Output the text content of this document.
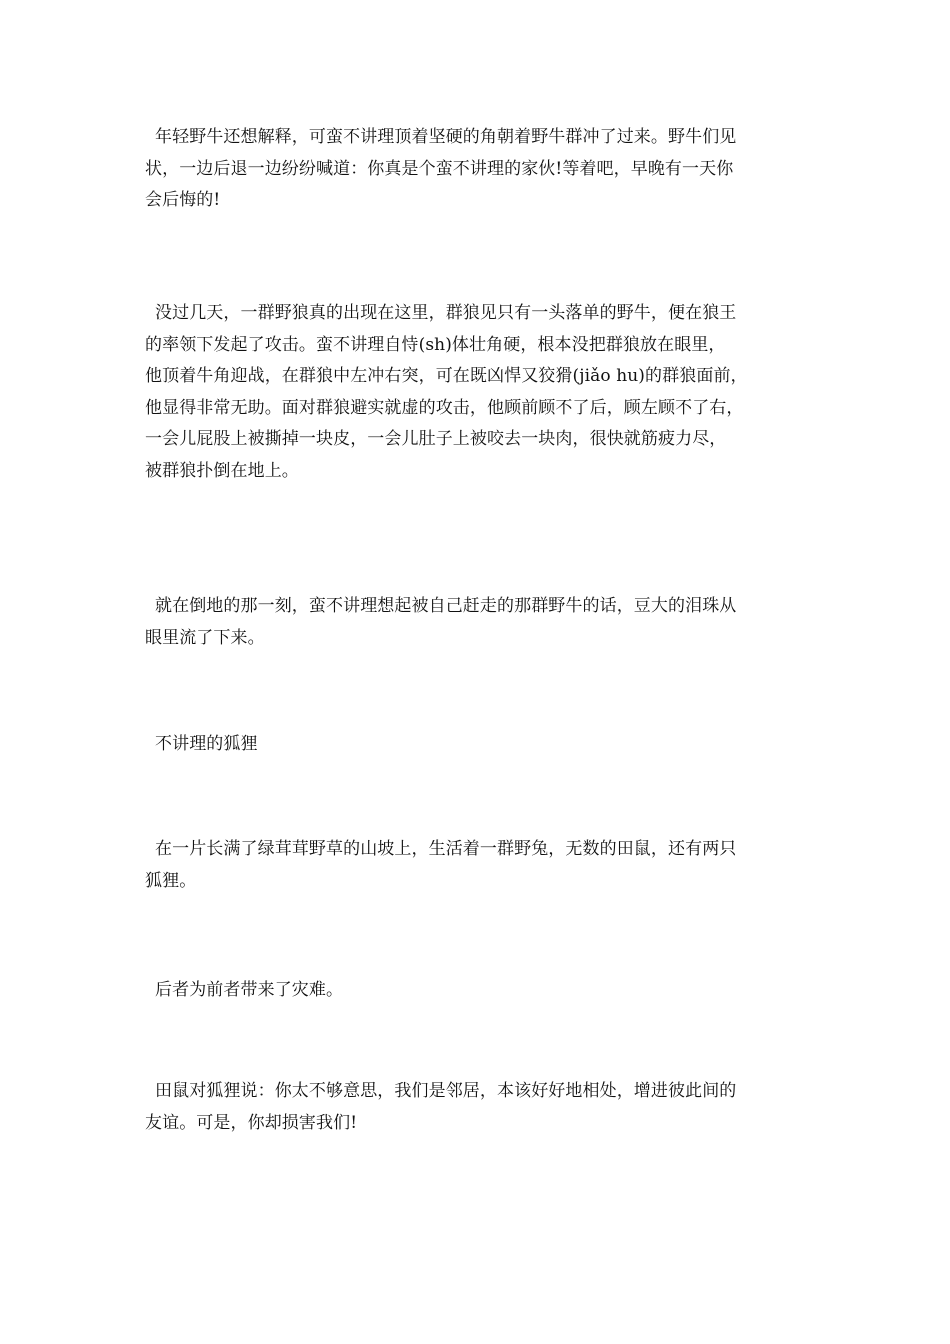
年轻野牛还想解释，可蛮不讲理顶着坚硬的角朝着野牛群冲了过来。野牛们见
状，一边后退一边纷纷喊道：你真是个蛮不讲理的家伙!等着吧，早晚有一天你
会后悔的!

没过几天，一群野狼真的出现在这里，群狼见只有一头落单的野牛，便在狼王
的率领下发起了攻击。蛮不讲理自恃(sh)体壮角硬，根本没把群狼放在眼里，
他顶着牛角迎战，在群狼中左冲右突，可在既凶悍又狡猾(jiǎo hu)的群狼面前，
他显得非常无助。面对群狼避实就虚的攻击，他顾前顾不了后，顾左顾不了右，
一会儿屁股上被撕掉一块皮，一会儿肚子上被咬去一块肉，很快就筋疲力尽，
被群狼扑倒在地上。

就在倒地的那一刻，蛮不讲理想起被自己赶走的那群野牛的话，豆大的泪珠从
眼里流了下来。

不讲理的狐狸

在一片长满了绿茸茸野草的山坡上，生活着一群野兔，无数的田鼠，还有两只
狐狸。

后者为前者带来了灾难。

田鼠对狐狸说：你太不够意思，我们是邻居，本该好好地相处，增进彼此间的
友谊。可是，你却损害我们!
